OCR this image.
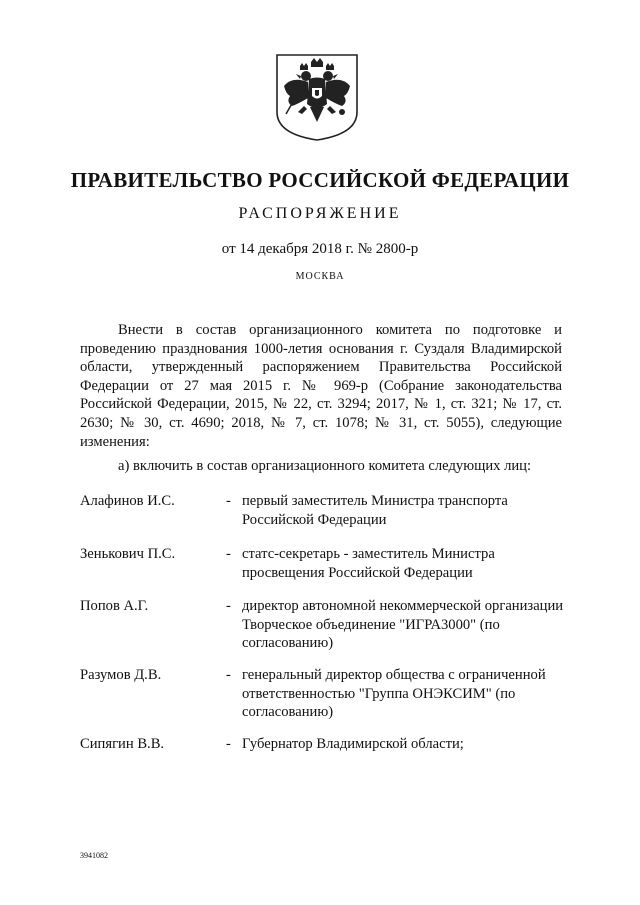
ПРАВИТЕЛЬСТВО РОССИЙСКОЙ ФЕДЕРАЦИИ
РАСПОРЯЖЕНИЕ
от 14 декабря 2018 г. № 2800-р
МОСКВА

Внести в состав организационного комитета по подготовке и проведению празднования 1000-летия основания г. Суздаля Владимирской области, утвержденный распоряжением Правительства Российской Федерации от 27 мая 2015 г. № 969-р (Собрание законодательства Российской Федерации, 2015, № 22, ст. 3294; 2017, № 1, ст. 321; № 17, ст. 2630; № 30, ст. 4690; 2018, № 7, ст. 1078; № 31, ст. 5055), следующие изменения:

а) включить в состав организационного комитета следующих лиц:

Алафинов И.С.	- первый заместитель Министра транспорта Российской Федерации
Зенькович П.С.	- статс-секретарь - заместитель Министра просвещения Российской Федерации
Попов А.Г.	- директор автономной некоммерческой организации Творческое объединение "ИГРА3000" (по согласованию)
Разумов Д.В.	- генеральный директор общества с ограниченной ответственностью "Группа ОНЭКСИМ" (по согласованию)
Сипягин В.В.	- Губернатор Владимирской области;
3941082
